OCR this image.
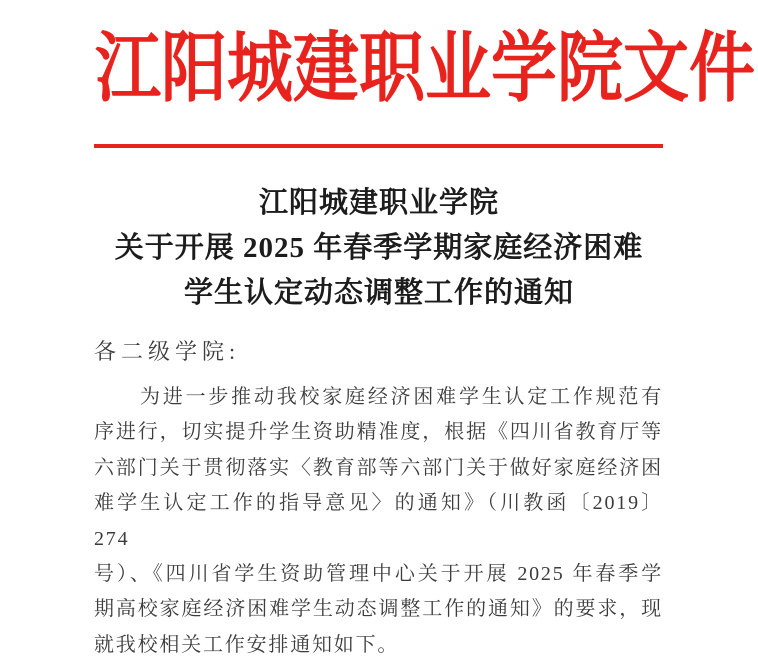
江阳城建职业学院文件
江阳城建职业学院
关于开展 2025 年春季学期家庭经济困难
学生认定动态调整工作的通知
各二级学院:
为进一步推动我校家庭经济困难学生认定工作规范有
序进行，切实提升学生资助精准度，根据《四川省教育厅等
六部门关于贯彻落实〈教育部等六部门关于做好家庭经济困
难学生认定工作的指导意见〉的通知》（川教函〔2019〕274
号）、《四川省学生资助管理中心关于开展 2025 年春季学
期高校家庭经济困难学生动态调整工作的通知》的要求，现
就我校相关工作安排通知如下。
